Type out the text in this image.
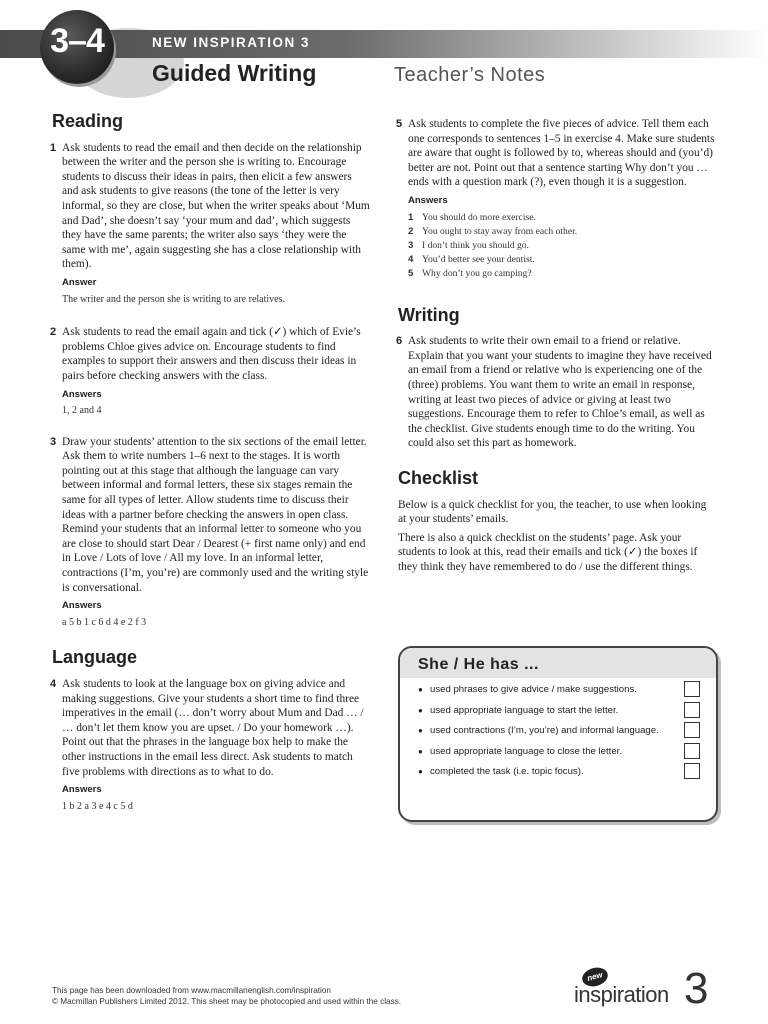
3–4	NEW INSPIRATION 3
Guided Writing	Teacher’s Notes
Reading
1 Ask students to read the email and then decide on the relationship between the writer and the person she is writing to. Encourage students to discuss their ideas in pairs, then elicit a few answers and ask students to give reasons (the tone of the letter is very informal, so they are close, but when the writer speaks about ‘Mum and Dad’, she doesn’t say ‘your mum and dad’, which suggests they have the same parents; the writer also says ‘they were the same with me’, again suggesting she has a close relationship with them).

Answer

The writer and the person she is writing to are relatives.

2 Ask students to read the email again and tick (✓) which of Evie’s problems Chloe gives advice on. Encourage students to find examples to support their answers and then discuss their ideas in pairs before checking answers with the class.

Answers

1, 2 and 4

3 Draw your students’ attention to the six sections of the email letter. Ask them to write numbers 1–6 next to the stages. It is worth pointing out at this stage that although the language can vary between informal and formal letters, these six stages remain the same for all types of letter. Allow students time to discuss their ideas with a partner before checking the answers in open class. Remind your students that an informal letter to someone who you are close to should start Dear / Dearest (+ first name only) and end in Love / Lots of love / All my love. In an informal letter, contractions (I’m, you’re) are commonly used and the writing style is conversational.

Answers

a 5 b 1 c 6 d 4 e 2 f 3

Language
4 Ask students to look at the language box on giving advice and making suggestions. Give your students a short time to find three imperatives in the email (… don’t worry about Mum and Dad … / … don’t let them know you are upset. / Do your homework …). Point out that the phrases in the language box help to make the other instructions in the email less direct. Ask students to match five problems with directions as to what to do.

Answers

1 b 2 a 3 e 4 c 5 d

5 Ask students to complete the five pieces of advice. Tell them each one corresponds to sentences 1–5 in exercise 4. Make sure students are aware that ought is followed by to, whereas should and (you’d) better are not. Point out that a sentence starting Why don’t you … ends with a question mark (?), even though it is a suggestion.

Answers

1 You should do more exercise.
2 You ought to stay away from each other.
3 I don’t think you should go.
4 You’d better see your dentist.
5 Why don’t you go camping?
Writing
6 Ask students to write their own email to a friend or relative. Explain that you want your students to imagine they have received an email from a friend or relative who is experiencing one of the (three) problems. You want them to write an email in response, writing at least two pieces of advice or giving at least two suggestions. Encourage them to refer to Chloe’s email, as well as the checklist. Give students enough time to do the writing. You could also set this part as homework.

Checklist

Below is a quick checklist for you, the teacher, to use when looking at your students’ emails.

There is also a quick checklist on the students’ page. Ask your students to look at this, read their emails and tick (✓) the boxes if they think they have remembered to do / use the different things.

She / He has ...
● used phrases to give advice / make suggestions.
● used appropriate language to start the letter.
● used contractions (I’m, you’re) and informal language.
● used appropriate language to close the letter.
● completed the task (i.e. topic focus).
This page has been downloaded from www.macmillanenglish.com/inspiration
© Macmillan Publishers Limited 2012. This sheet may be photocopied and used within the class.
new
inspiration 3
